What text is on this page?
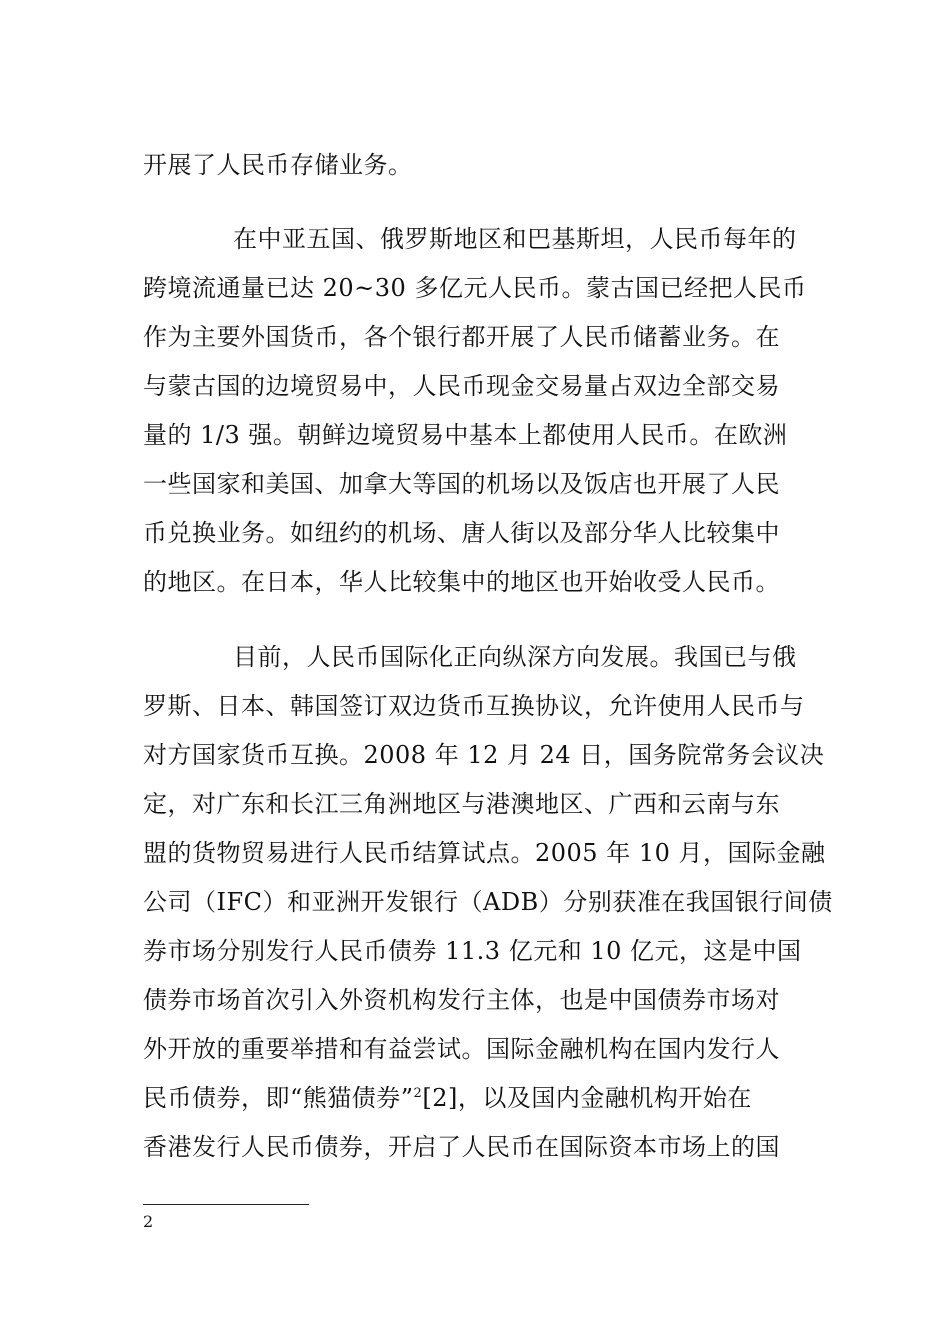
开展了人民币存储业务。
在中亚五国、俄罗斯地区和巴基斯坦，人民币每年的
跨境流通量已达 20~30 多亿元人民币。蒙古国已经把人民币
作为主要外国货币，各个银行都开展了人民币储蓄业务。在
与蒙古国的边境贸易中，人民币现金交易量占双边全部交易
量的 1/3 强。朝鲜边境贸易中基本上都使用人民币。在欧洲
一些国家和美国、加拿大等国的机场以及饭店也开展了人民
币兑换业务。如纽约的机场、唐人街以及部分华人比较集中
的地区。在日本，华人比较集中的地区也开始收受人民币。
目前，人民币国际化正向纵深方向发展。我国已与俄
罗斯、日本、韩国签订双边货币互换协议，允许使用人民币与
对方国家货币互换。2008 年 12 月 24 日，国务院常务会议决
定，对广东和长江三角洲地区与港澳地区、广西和云南与东
盟的货物贸易进行人民币结算试点。2005 年 10 月，国际金融
公司（IFC）和亚洲开发银行（ADB）分别获准在我国银行间债
券市场分别发行人民币债券 11.3 亿元和 10 亿元，这是中国
债券市场首次引入外资机构发行主体，也是中国债券市场对
外开放的重要举措和有益尝试。国际金融机构在国内发行人
民币债券，即“熊猫债券”$^2$[2]，以及国内金融机构开始在
香港发行人民币债券，开启了人民币在国际资本市场上的国
2
